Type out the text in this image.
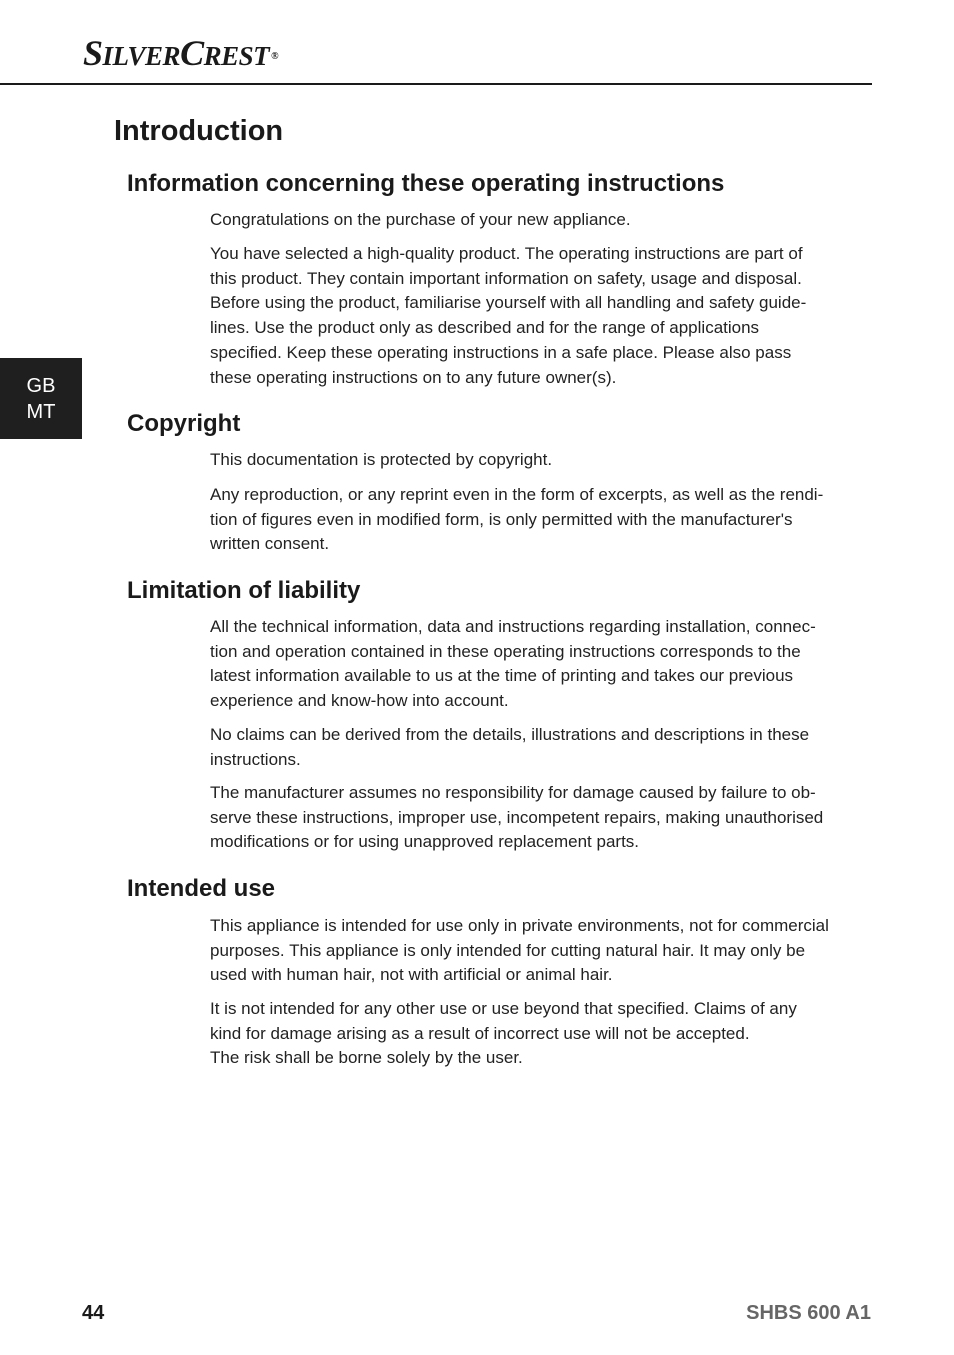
SILVERCREST ®
GB
MT
Introduction
Information concerning these operating instructions

Congratulations on the purchase of your new appliance.

You have selected a high-quality product. The operating instructions are part of
this product. They contain important information on safety, usage and disposal.
Before using the product, familiarise yourself with all handling and safety guide-
lines. Use the product only as described and for the range of applications
specified. Keep these operating instructions in a safe place. Please also pass
these operating instructions on to any future owner(s).

Copyright

This documentation is protected by copyright.

Any reproduction, or any reprint even in the form of excerpts, as well as the rendi-
tion of figures even in modified form, is only permitted with the manufacturer's
written consent.

Limitation of liability

All the technical information, data and instructions regarding installation, connec-
tion and operation contained in these operating instructions corresponds to the
latest information available to us at the time of printing and takes our previous
experience and know-how into account.

No claims can be derived from the details, illustrations and descriptions in these
instructions.

The manufacturer assumes no responsibility for damage caused by failure to ob-
serve these instructions, improper use, incompetent repairs, making unauthorised
modifications or for using unapproved replacement parts.

Intended use

This appliance is intended for use only in private environments, not for commercial
purposes. This appliance is only intended for cutting natural hair. It may only be
used with human hair, not with artificial or animal hair.

It is not intended for any other use or use beyond that specified. Claims of any
kind for damage arising as a result of incorrect use will not be accepted.
The risk shall be borne solely by the user.

44	SHBS 600 A1
